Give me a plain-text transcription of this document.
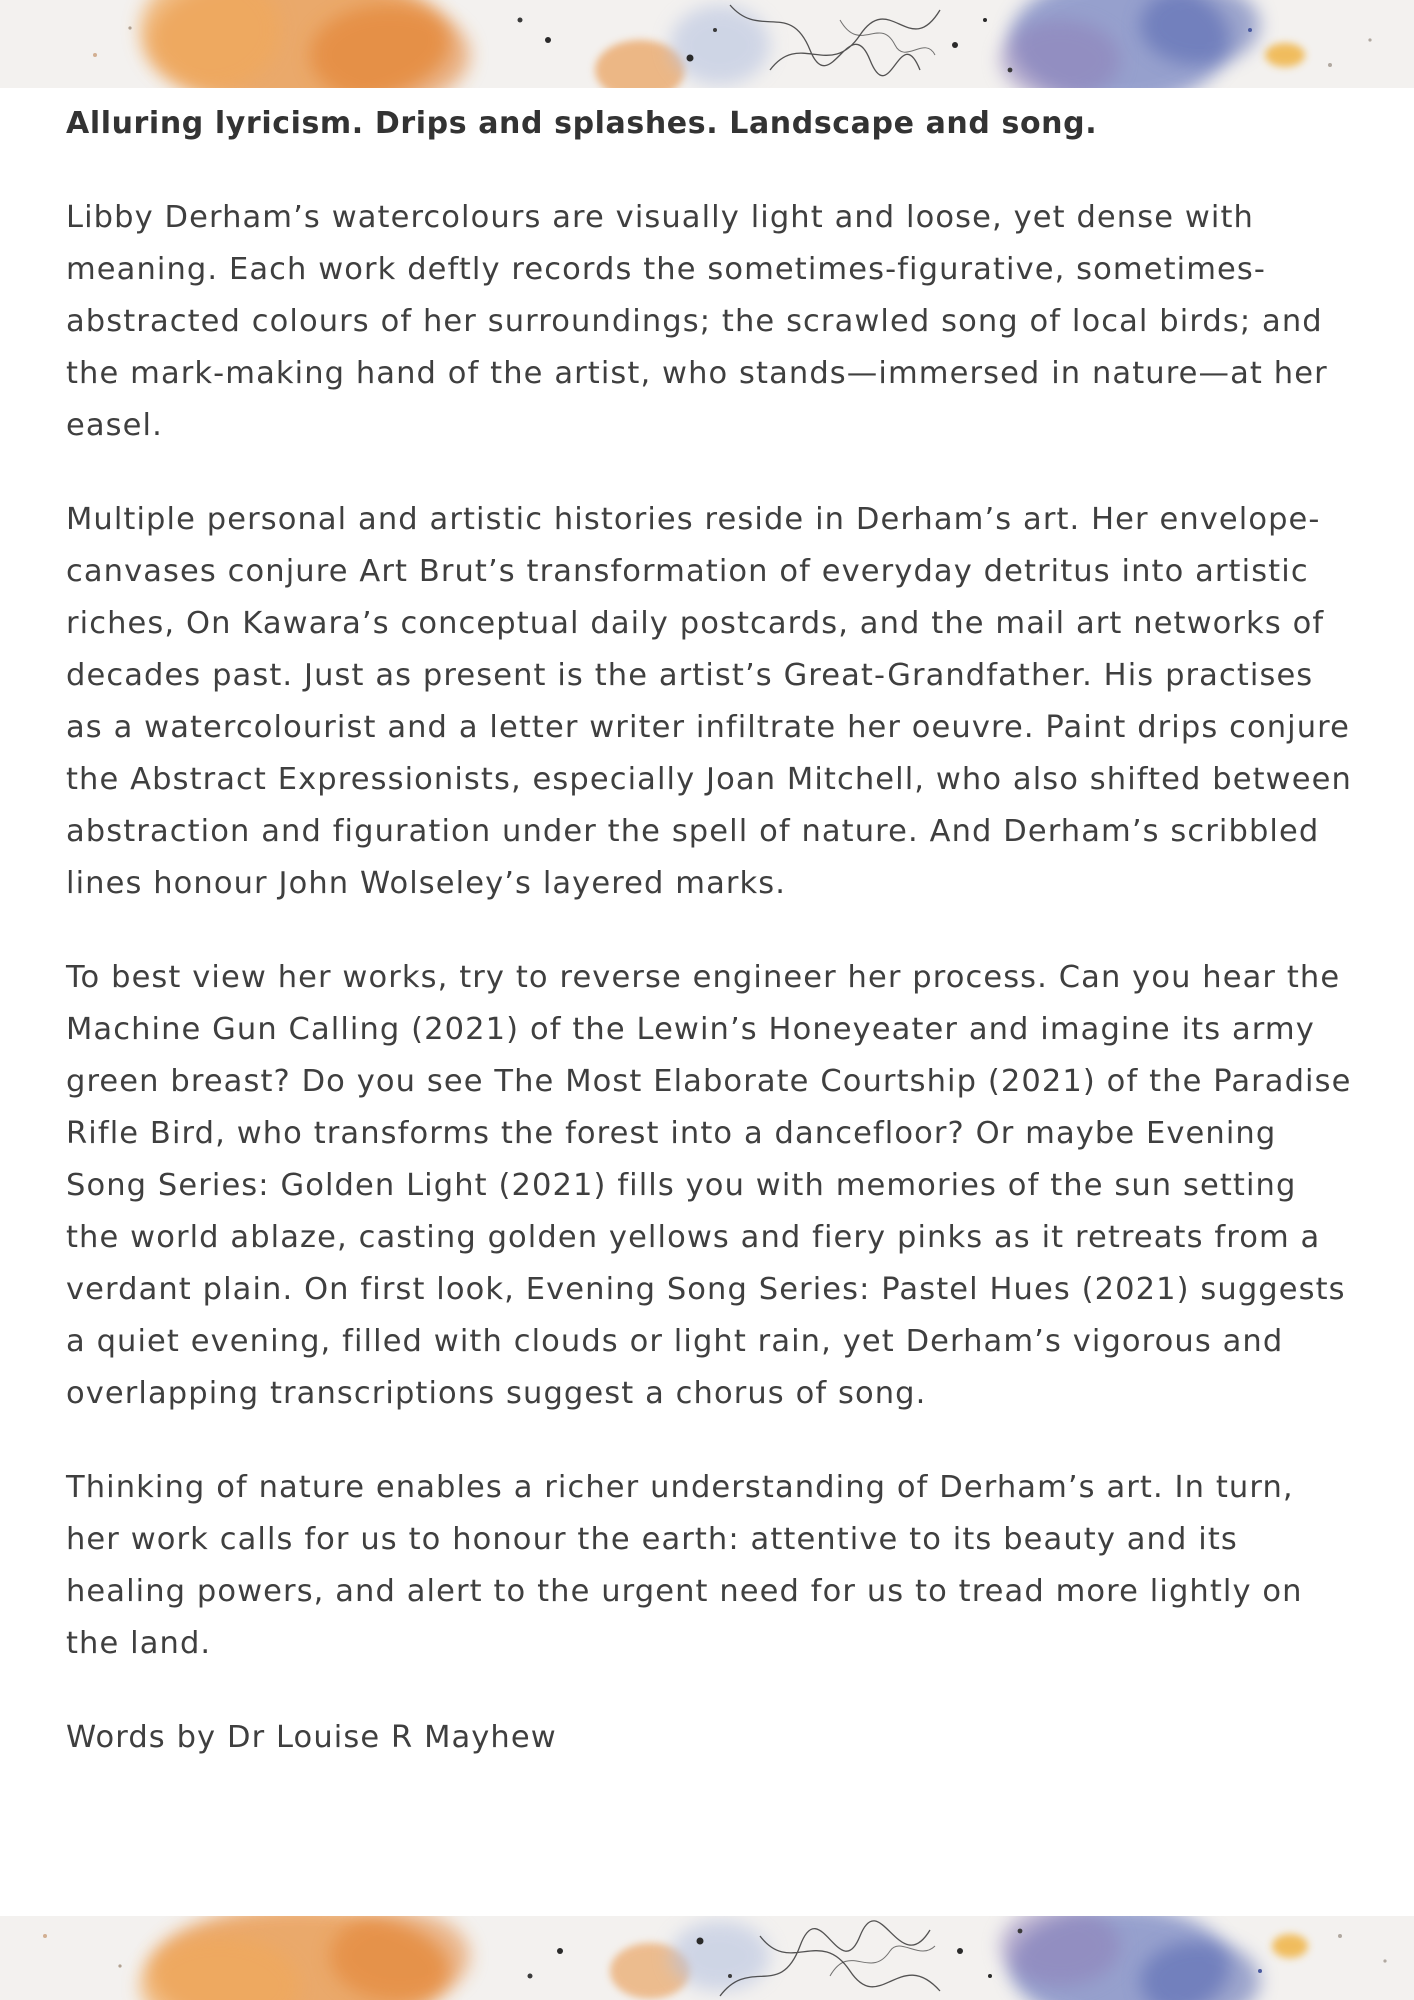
Alluring lyricism. Drips and splashes. Landscape and song.

Libby Derham’s watercolours are visually light and loose, yet dense with meaning. Each work deftly records the sometimes-figurative, sometimes-abstracted colours of her surroundings; the scrawled song of local birds; and the mark-making hand of the artist, who stands—immersed in nature—at her easel.

Multiple personal and artistic histories reside in Derham’s art. Her envelope-canvases conjure Art Brut’s transformation of everyday detritus into artistic riches, On Kawara’s conceptual daily postcards, and the mail art networks of decades past. Just as present is the artist’s Great-Grandfather. His practises as a watercolourist and a letter writer infiltrate her oeuvre. Paint drips conjure the Abstract Expressionists, especially Joan Mitchell, who also shifted between abstraction and figuration under the spell of nature. And Derham’s scribbled lines honour John Wolseley’s layered marks.

To best view her works, try to reverse engineer her process. Can you hear the Machine Gun Calling (2021) of the Lewin’s Honeyeater and imagine its army green breast? Do you see The Most Elaborate Courtship (2021) of the Paradise Rifle Bird, who transforms the forest into a dancefloor? Or maybe Evening Song Series: Golden Light (2021) fills you with memories of the sun setting the world ablaze, casting golden yellows and fiery pinks as it retreats from a verdant plain. On first look, Evening Song Series: Pastel Hues (2021) suggests a quiet evening, filled with clouds or light rain, yet Derham’s vigorous and overlapping transcriptions suggest a chorus of song.

Thinking of nature enables a richer understanding of Derham’s art. In turn, her work calls for us to honour the earth: attentive to its beauty and its healing powers, and alert to the urgent need for us to tread more lightly on the land.

Words by Dr Louise R Mayhew
